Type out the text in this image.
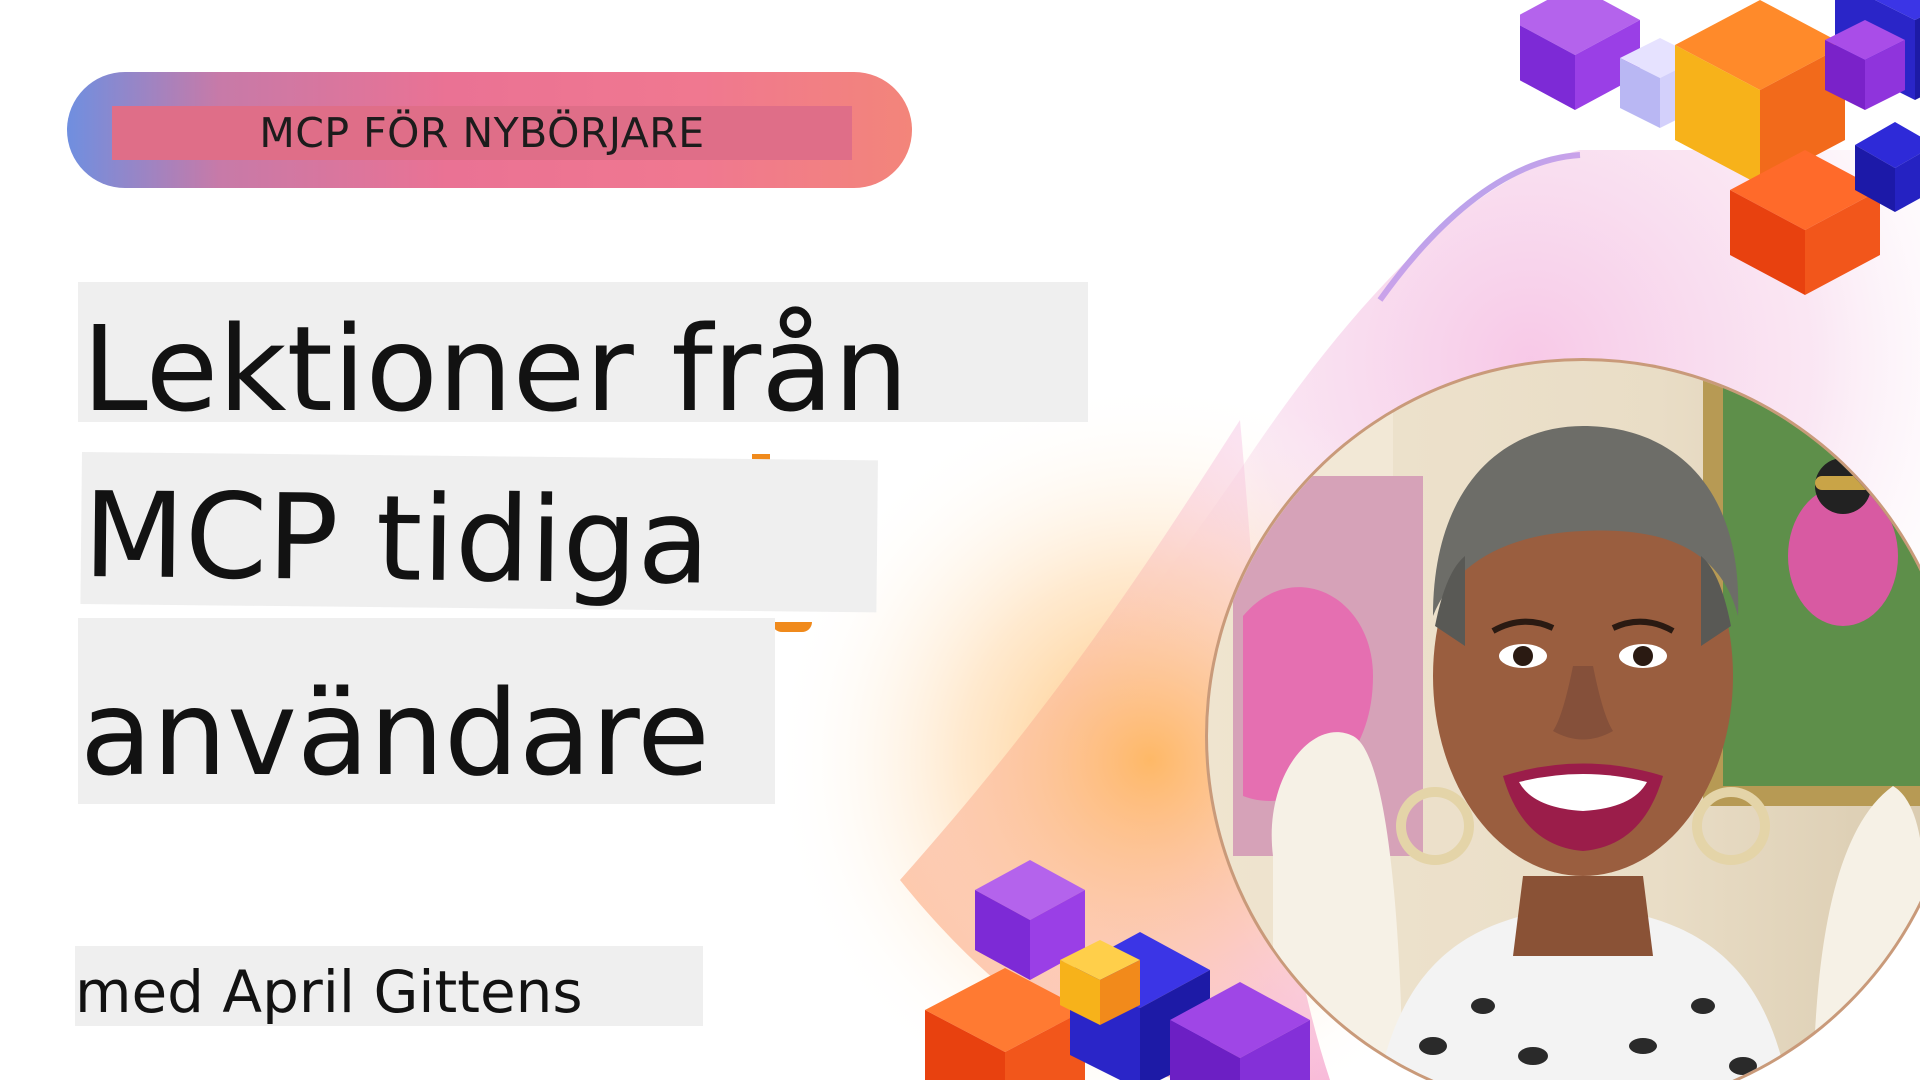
MCP FÖR NYBÖRJARE
Lektioner från
MCP tidiga
användare
med April Gittens
